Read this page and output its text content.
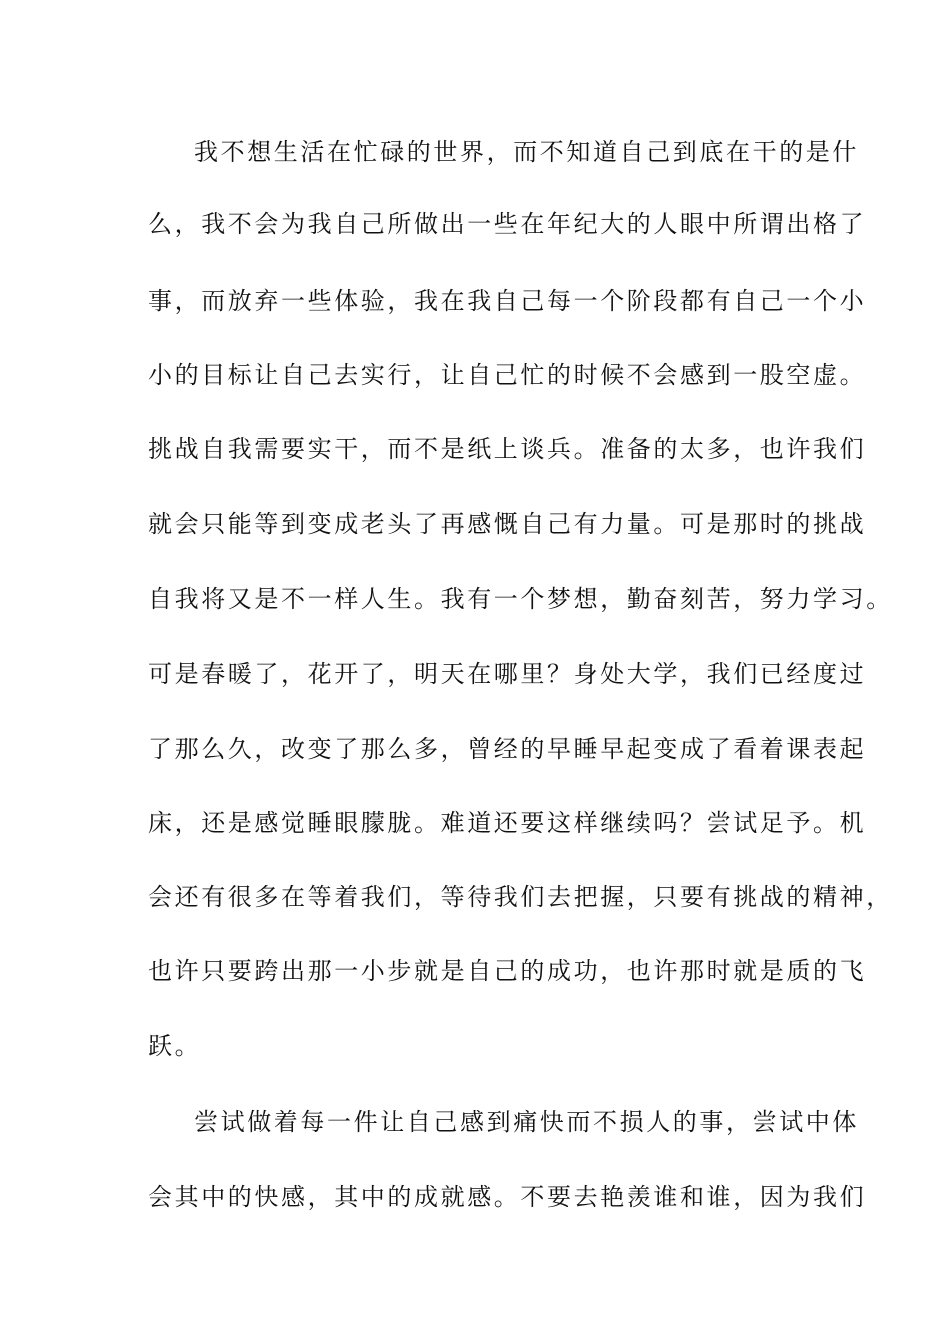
我不想生活在忙碌的世界，而不知道自己到底在干的是什
么，我不会为我自己所做出一些在年纪大的人眼中所谓出格了
事，而放弃一些体验，我在我自己每一个阶段都有自己一个小
小的目标让自己去实行，让自己忙的时候不会感到一股空虚。
挑战自我需要实干，而不是纸上谈兵。准备的太多，也许我们
就会只能等到变成老头了再感慨自己有力量。可是那时的挑战
自我将又是不一样人生。我有一个梦想，勤奋刻苦，努力学习。
可是春暖了，花开了，明天在哪里？身处大学，我们已经度过
了那么久，改变了那么多，曾经的早睡早起变成了看着课表起
床，还是感觉睡眼朦胧。难道还要这样继续吗？尝试足予。机
会还有很多在等着我们，等待我们去把握，只要有挑战的精神，
也许只要跨出那一小步就是自己的成功，也许那时就是质的飞
跃。
尝试做着每一件让自己感到痛快而不损人的事，尝试中体
会其中的快感，其中的成就感。不要去艳羡谁和谁，因为我们
